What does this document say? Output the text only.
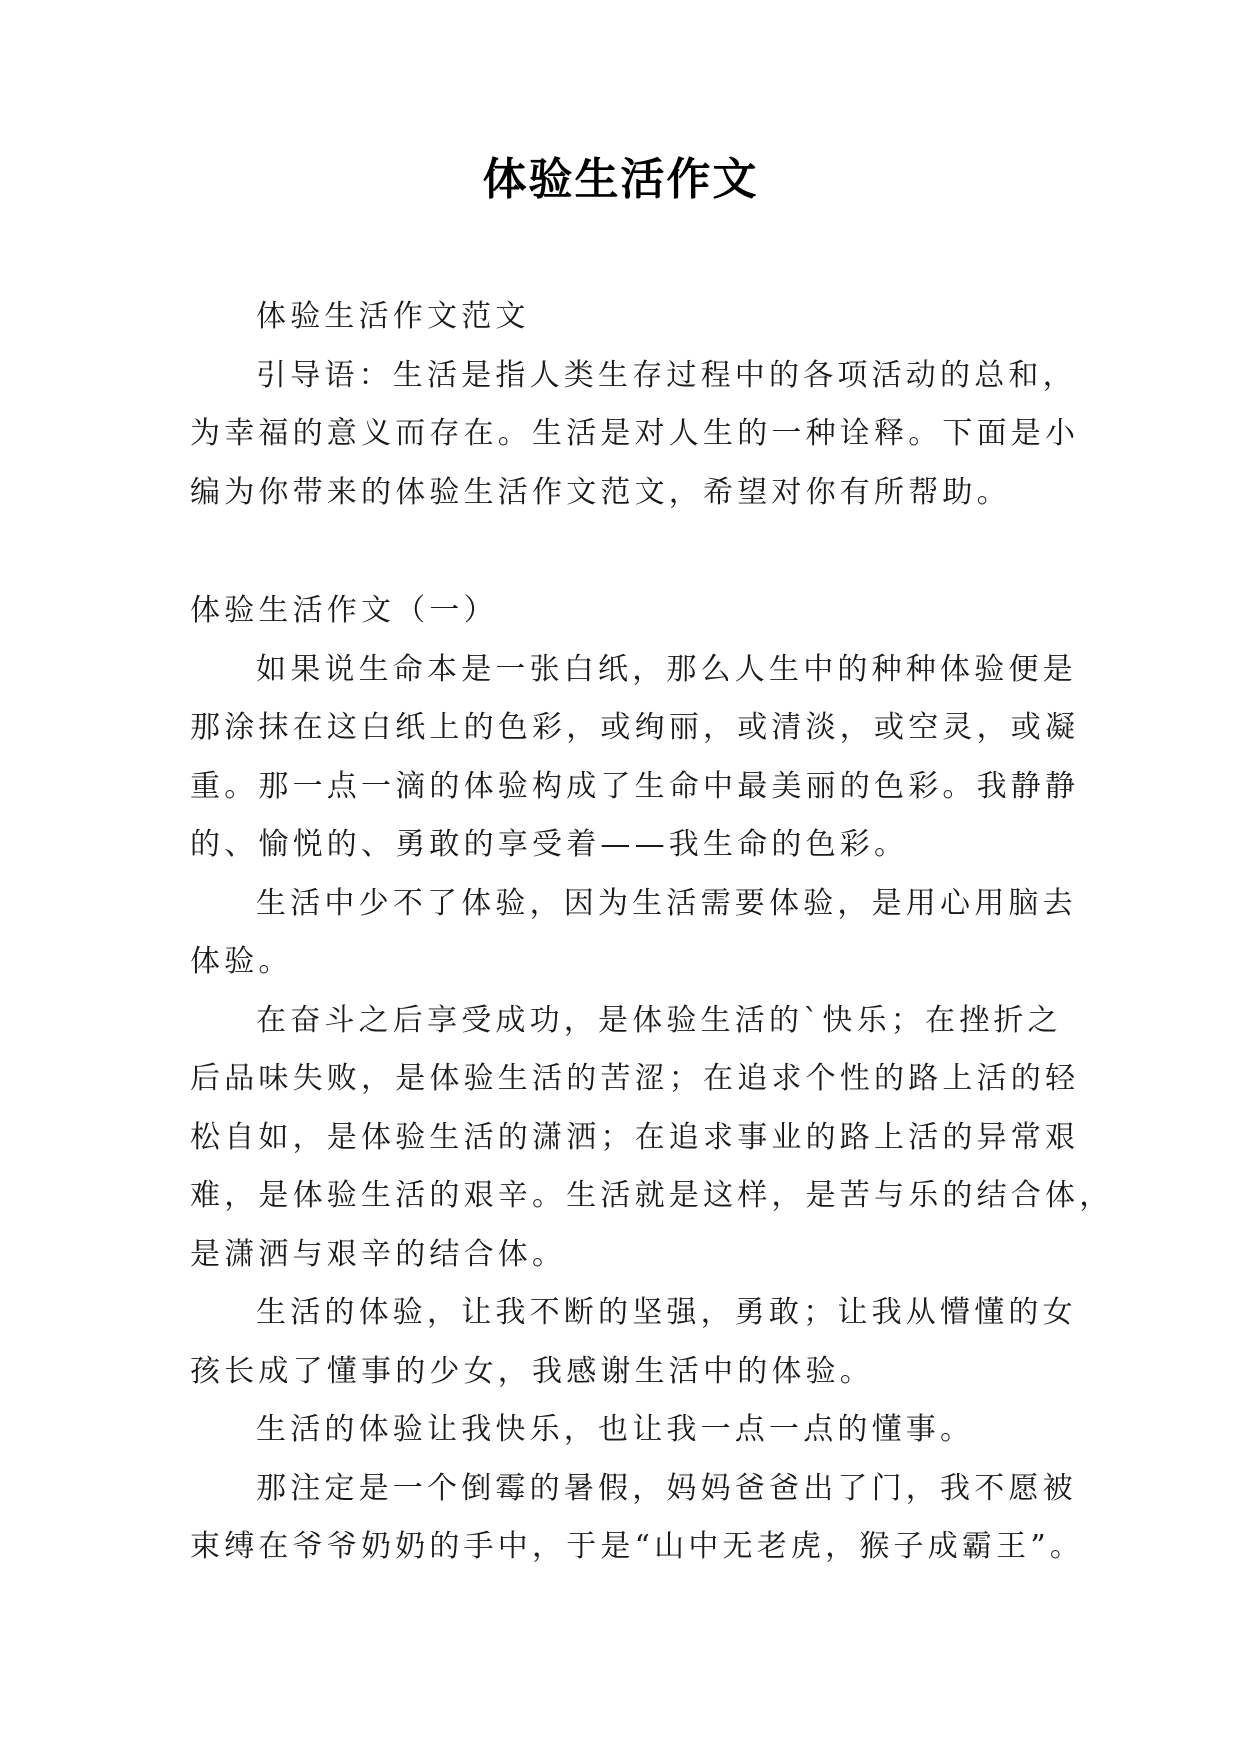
体验生活作文
体验生活作文范文
引导语：生活是指人类生存过程中的各项活动的总和，
为幸福的意义而存在。生活是对人生的一种诠释。下面是小
编为你带来的体验生活作文范文，希望对你有所帮助。
体验生活作文（一）
如果说生命本是一张白纸，那么人生中的种种体验便是
那涂抹在这白纸上的色彩，或绚丽，或清淡，或空灵，或凝
重。那一点一滴的体验构成了生命中最美丽的色彩。我静静
的、愉悦的、勇敢的享受着——我生命的色彩。
生活中少不了体验，因为生活需要体验，是用心用脑去
体验。
在奋斗之后享受成功，是体验生活的`快乐；在挫折之
后品味失败，是体验生活的苦涩；在追求个性的路上活的轻
松自如，是体验生活的潇洒；在追求事业的路上活的异常艰
难，是体验生活的艰辛。生活就是这样，是苦与乐的结合体，
是潇洒与艰辛的结合体。
生活的体验，让我不断的坚强，勇敢；让我从懵懂的女
孩长成了懂事的少女，我感谢生活中的体验。
生活的体验让我快乐，也让我一点一点的懂事。
那注定是一个倒霉的暑假，妈妈爸爸出了门，我不愿被
束缚在爷爷奶奶的手中，于是“山中无老虎，猴子成霸王”。
